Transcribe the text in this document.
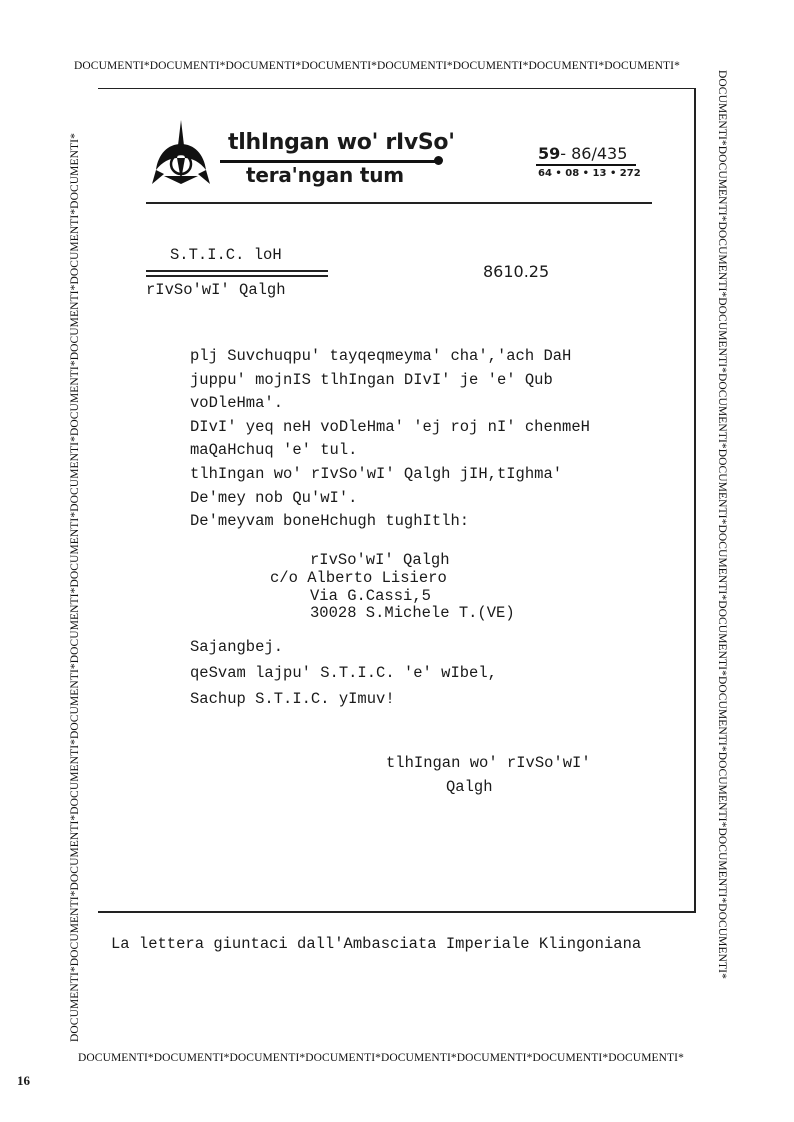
DOCUMENTI*DOCUMENTI*DOCUMENTI*DOCUMENTI*DOCUMENTI*DOCUMENTI*DOCUMENTI*DOCUMENTI*
DOCUMENTI*DOCUMENTI*DOCUMENTI*DOCUMENTI*DOCUMENTI*DOCUMENTI*DOCUMENTI*DOCUMENTI*
DOCUMENTI*DOCUMENTI*DOCUMENTI*DOCUMENTI*DOCUMENTI*DOCUMENTI*DOCUMENTI*DOCUMENTI*DOCUMENTI*DOCUMENTI*DOCUMENTI*DOCUMENTI*	DOCUMENTI*DOCUMENTI*DOCUMENTI*DOCUMENTI*DOCUMENTI*DOCUMENTI*DOCUMENTI*DOCUMENTI*DOCUMENTI*DOCUMENTI*DOCUMENTI*DOCUMENTI*
tlhIngan wo' rIvSo'
tera'ngan tum
59- 86/435
64 • 08 • 13 • 272
S.T.I.C. loH
rIvSo'wI' Qalgh
8610.25
plj Suvchuqpu' tayqeqmeyma' cha','ach DaH
juppu' mojnIS tlhIngan DIvI' je 'e' Qub
voDleHma'.
DIvI' yeq neH voDleHma' 'ej roj nI' chenmeH
maQaHchuq 'e' tul.
tlhIngan wo' rIvSo'wI' Qalgh jIH,tIghma'
De'mey nob Qu'wI'.
De'meyvam boneHchugh tughItlh:
rIvSo'wI' Qalgh
c/o Alberto Lisiero
Via G.Cassi,5
30028 S.Michele T.(VE)
Sajangbej.
qeSvam lajpu' S.T.I.C. 'e' wIbel,
Sachup S.T.I.C. yImuv!
tlhIngan wo' rIvSo'wI'
Qalgh
La lettera giuntaci dall'Ambasciata Imperiale Klingoniana
16
